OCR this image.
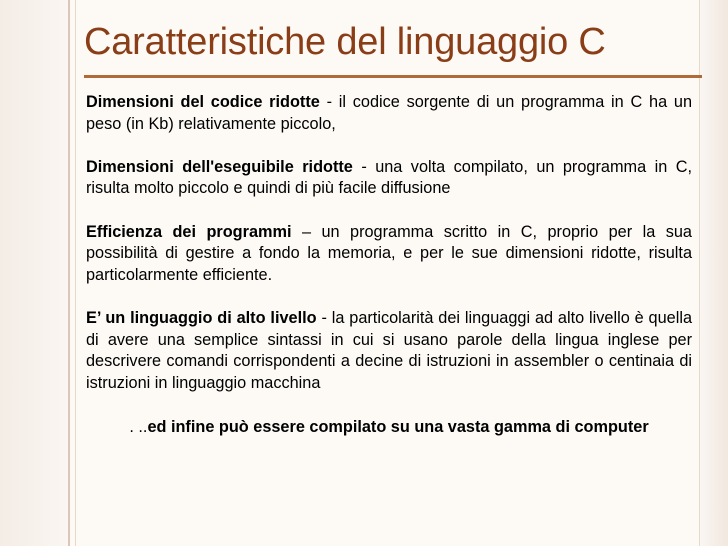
Caratteristiche del linguaggio C

Dimensioni del codice ridotte - il codice sorgente di un programma in C ha un peso (in Kb) relativamente piccolo,

Dimensioni dell'eseguibile ridotte - una volta compilato, un programma in C, risulta molto piccolo e quindi di più facile diffusione

Efficienza dei programmi – un programma scritto in C, proprio per la sua possibilità di gestire a fondo la memoria, e per le sue dimensioni ridotte, risulta particolarmente efficiente.

E’ un linguaggio di alto livello - la particolarità dei linguaggi ad alto livello è quella di avere una semplice sintassi in cui si usano parole della lingua inglese per descrivere comandi corrispondenti a decine di istruzioni in assembler o centinaia di istruzioni in linguaggio macchina

. ..ed infine può essere compilato su una vasta gamma di computer
